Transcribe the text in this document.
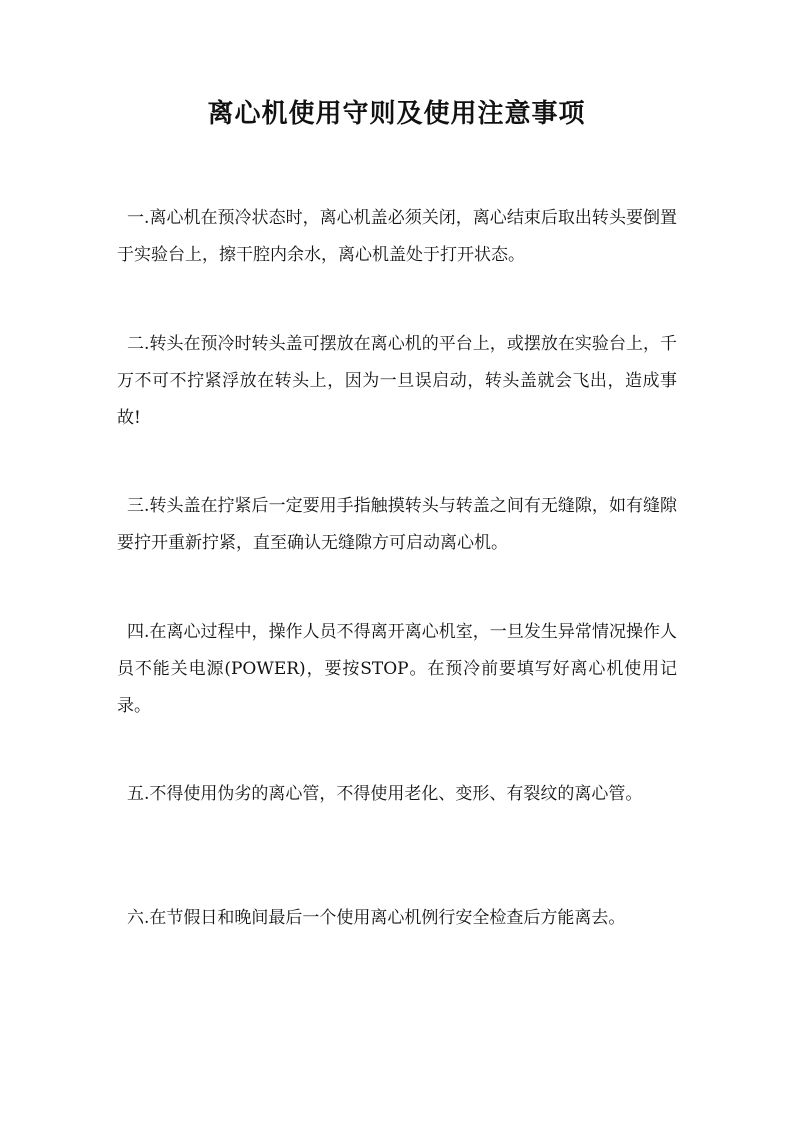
离心机使用守则及使用注意事项

一.离心机在预冷状态时，离心机盖必须关闭，离心结束后取出转头要倒置于实验台上，擦干腔内余水，离心机盖处于打开状态。

二.转头在预冷时转头盖可摆放在离心机的平台上，或摆放在实验台上，千万不可不拧紧浮放在转头上，因为一旦误启动，转头盖就会飞出，造成事故!

三.转头盖在拧紧后一定要用手指触摸转头与转盖之间有无缝隙，如有缝隙要拧开重新拧紧，直至确认无缝隙方可启动离心机。

四.在离心过程中，操作人员不得离开离心机室，一旦发生异常情况操作人员不能关电源(POWER)，要按STOP。在预冷前要填写好离心机使用记录。

五.不得使用伪劣的离心管，不得使用老化、变形、有裂纹的离心管。

六.在节假日和晚间最后一个使用离心机例行安全检查后方能离去。
